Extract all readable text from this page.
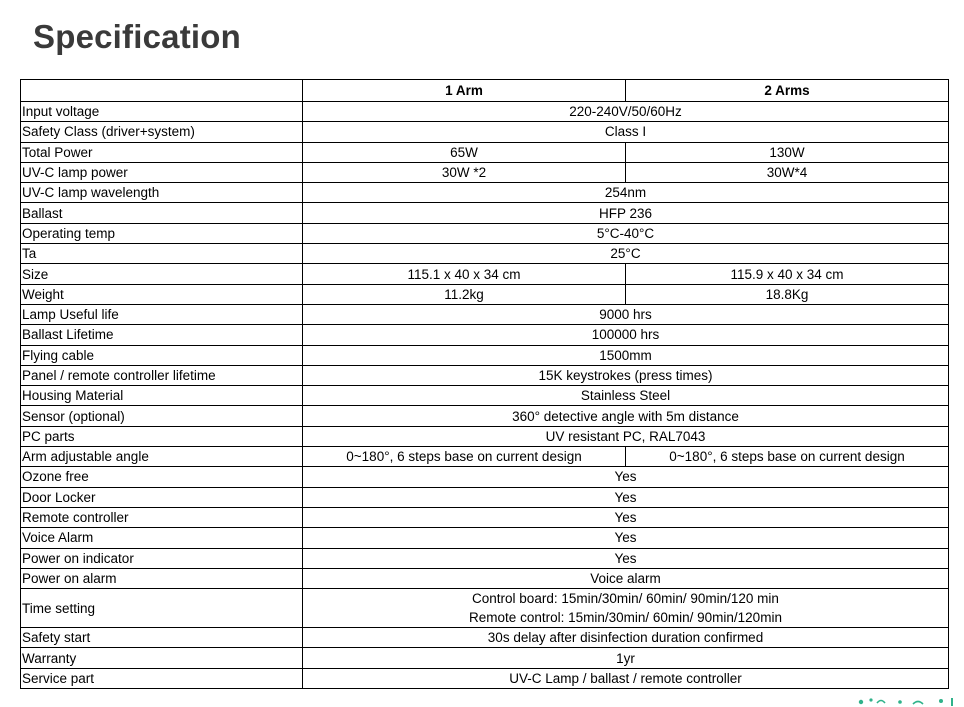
Specification
	1 Arm	2 Arms
Input voltage	220-240V/50/60Hz	
Safety Class (driver+system)	Class I	
Total Power	65W	130W
UV-C lamp power	30W *2	30W*4
UV-C lamp wavelength	254nm	
Ballast	HFP 236	
Operating temp	5°C-40°C	
Ta	25°C	
Size	115.1 x 40 x 34 cm	115.9 x 40 x 34 cm
Weight	11.2kg	18.8Kg
Lamp Useful life	9000 hrs	
Ballast Lifetime	100000 hrs	
Flying cable	1500mm	
Panel / remote controller lifetime	15K keystrokes (press times)	
Housing Material	Stainless Steel	
Sensor (optional)	360° detective angle with 5m distance	
PC parts	UV resistant PC, RAL7043	
Arm adjustable angle	0~180°, 6 steps base on current design	0~180°, 6 steps base on current design
Ozone free	Yes	
Door Locker	Yes	
Remote controller	Yes	
Voice Alarm	Yes	
Power on indicator	Yes	
Power on alarm	Voice alarm	
Time setting	Control board: 15min/30min/ 60min/ 90min/120 min
Remote control: 15min/30min/ 60min/ 90min/120min	
Safety start	30s delay after disinfection duration confirmed	
Warranty	1yr	
Service part	UV-C Lamp / ballast / remote controller	
